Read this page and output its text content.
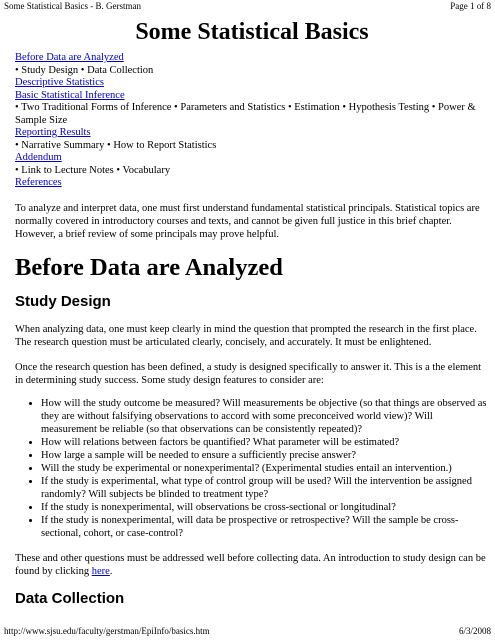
Some Statistical Basics - B. Gerstman	Page 1 of 8
Some Statistical Basics
Before Data are Analyzed
• Study Design • Data Collection
Descriptive Statistics
Basic Statistical Inference
• Two Traditional Forms of Inference • Parameters and Statistics • Estimation • Hypothesis Testing • Power & Sample Size
Reporting Results
• Narrative Summary • How to Report Statistics
Addendum
• Link to Lecture Notes • Vocabulary
References

To analyze and interpret data, one must first understand fundamental statistical principals. Statistical topics are normally covered in introductory courses and texts, and cannot be given full justice in this brief chapter. However, a brief review of some principals may prove helpful.

Before Data are Analyzed
Study Design

When analyzing data, one must keep clearly in mind the question that prompted the research in the first place. The research question must be articulated clearly, concisely, and accurately. It must be enlightened.

Once the research question has been defined, a study is designed specifically to answer it. This is a the element in determining study success. Some study design features to consider are:

• How will the study outcome be measured? Will measurements be objective (so that things are observed as they are without falsifying observations to accord with some preconceived world view)? Will measurement be reliable (so that observations can be consistently repeated)?
• How will relations between factors be quantified? What parameter will be estimated?
• How large a sample will be needed to ensure a sufficiently precise answer?
• Will the study be experimental or nonexperimental? (Experimental studies entail an intervention.)
• If the study is experimental, what type of control group will be used? Will the intervention be assigned randomly? Will subjects be blinded to treatment type?
• If the study is nonexperimental, will observations be cross-sectional or longitudinal?
• If the study is nonexperimental, will data be prospective or retrospective? Will the sample be cross-sectional, cohort, or case-control?

These and other questions must be addressed well before collecting data. An introduction to study design can be found by clicking here.

Data Collection
http://www.sjsu.edu/faculty/gerstman/EpiInfo/basics.htm	6/3/2008
